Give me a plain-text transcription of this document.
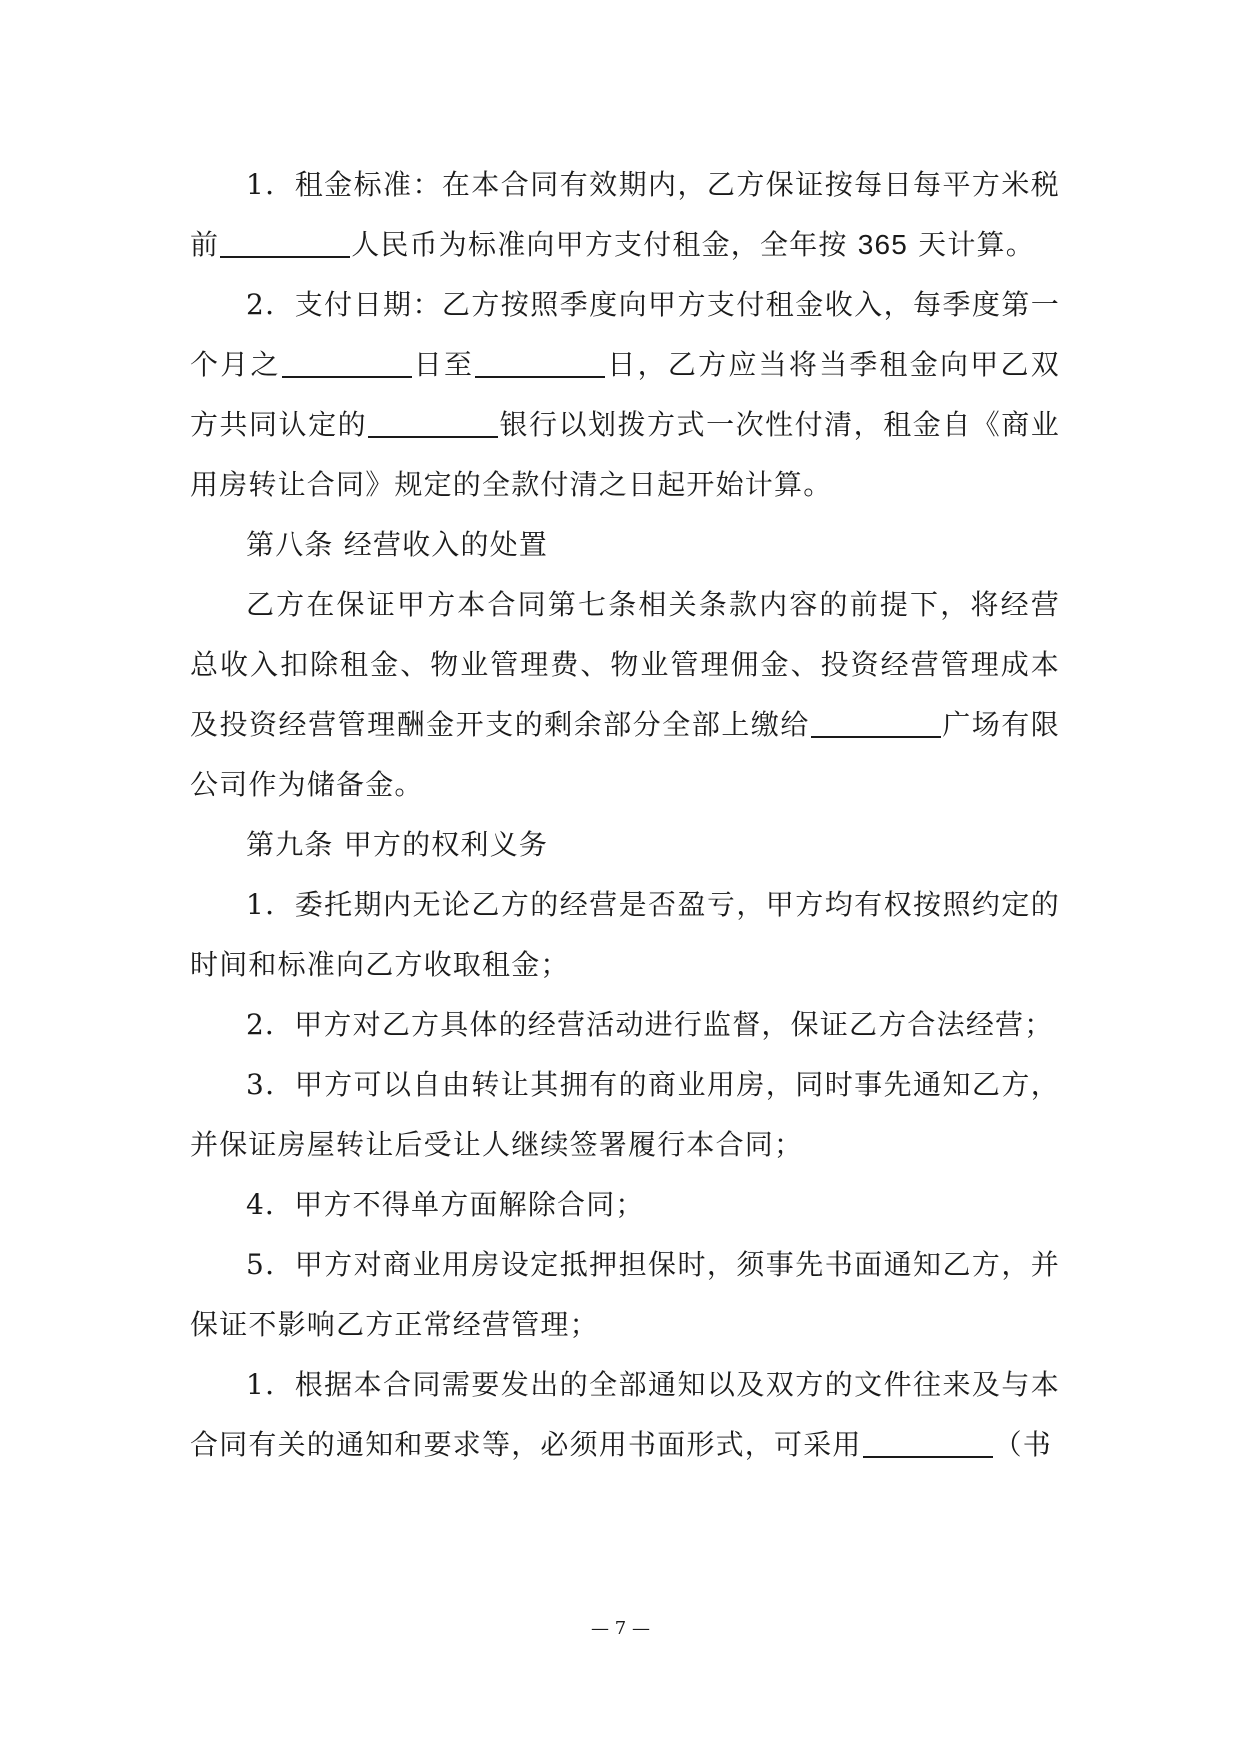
1．租金标准：在本合同有效期内，乙方保证按每日每平方米税前	人民币为标准向甲方支付租金，全年按 365 天计算。

2．支付日期：乙方按照季度向甲方支付租金收入，每季度第一个月之	日至	日，乙方应当将当季租金向甲乙双方共同认定的	银行以划拨方式一次性付清，租金自《商业用房转让合同》规定的全款付清之日起开始计算。

第八条 经营收入的处置

乙方在保证甲方本合同第七条相关条款内容的前提下，将经营总收入扣除租金、物业管理费、物业管理佣金、投资经营管理成本及投资经营管理酬金开支的剩余部分全部上缴给	广场有限公司作为储备金。

第九条 甲方的权利义务

1．委托期内无论乙方的经营是否盈亏，甲方均有权按照约定的时间和标准向乙方收取租金；

2．甲方对乙方具体的经营活动进行监督，保证乙方合法经营；

3．甲方可以自由转让其拥有的商业用房，同时事先通知乙方，并保证房屋转让后受让人继续签署履行本合同；

4．甲方不得单方面解除合同；

5．甲方对商业用房设定抵押担保时，须事先书面通知乙方，并保证不影响乙方正常经营管理；

1．根据本合同需要发出的全部通知以及双方的文件往来及与本合同有关的通知和要求等，必须用书面形式，可采用	（书

— 7 —
